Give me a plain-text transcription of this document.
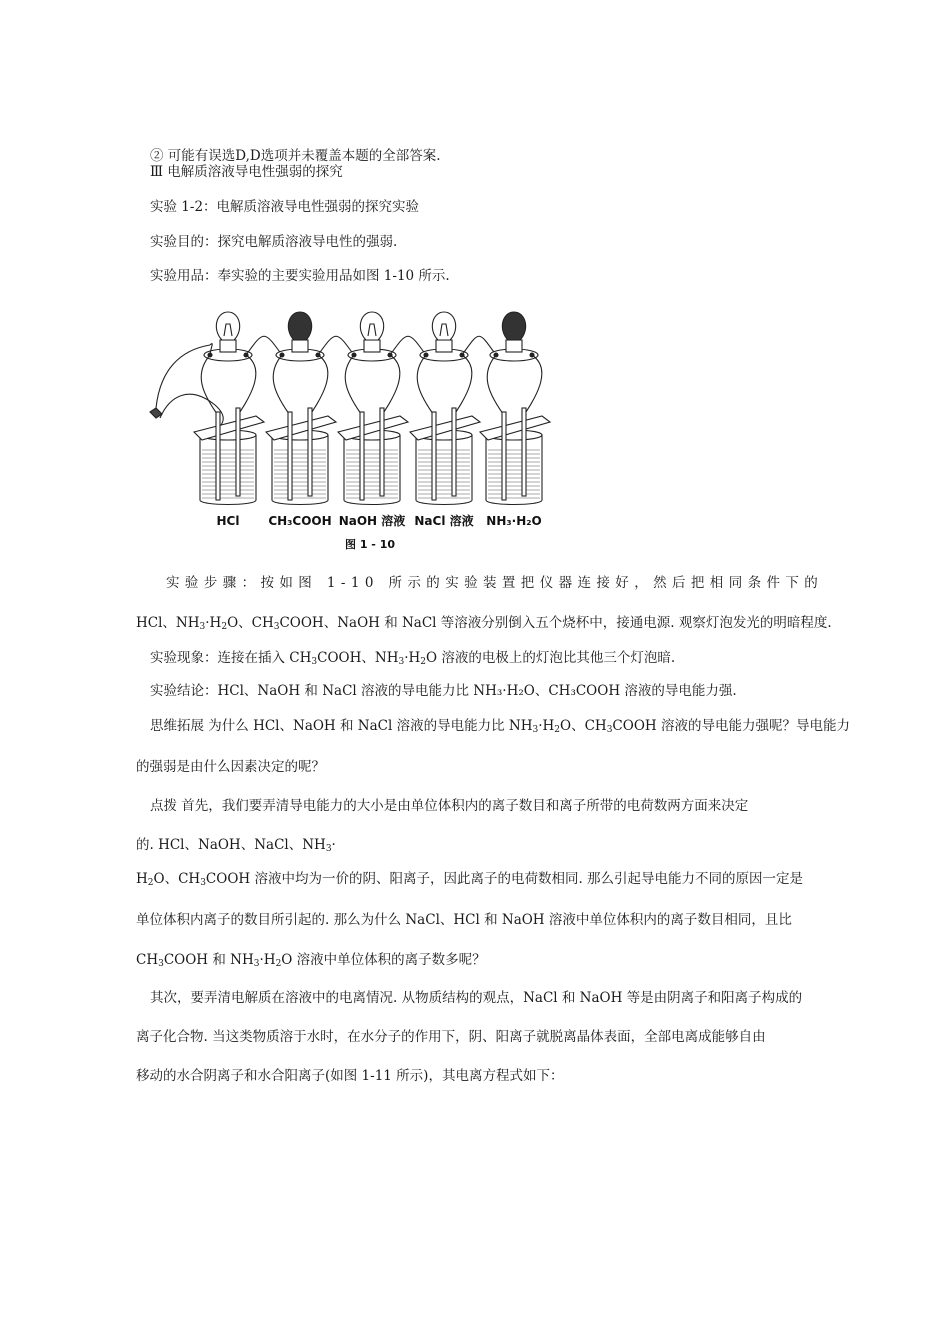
② 可能有误选D,D选项并未覆盖本题的全部答案.
Ⅲ 电解质溶液导电性强弱的探究
实验 1-2：电解质溶液导电性强弱的探究实验
实验目的：探究电解质溶液导电性的强弱.
实验用品：奉实验的主要实验用品如图 1-10 所示.
HCl CH₃COOH NaOH 溶液 NaCl 溶液 NH₃·H₂O
图 1 - 10
实验步骤：按如图 1-10 所示的实验装置把仪器连接好，然后把相同条件下的
HCl、$NH_3\cdot H_2O$、$CH_3COOH$、NaOH 和 NaCl 等溶液分别倒入五个烧杯中，接通电源. 观察灯泡发光的明暗程度.
实验现象：连接在插入 $CH_3COOH$、$NH_3\cdot H_2O$ 溶液的电极上的灯泡比其他三个灯泡暗.
实验结论：HCl、NaOH 和 NaCl 溶液的导电能力比 NH₃·H₂O、CH₃COOH 溶液的导电能力强.
思维拓展 为什么 HCl、NaOH 和 NaCl 溶液的导电能力比 $NH_3\cdot H_2O$、$CH_3COOH$ 溶液的导电能力强呢？导电能力
的强弱是由什么因素决定的呢？
点拨 首先，我们要弄清导电能力的大小是由单位体积内的离子数目和离子所带的电荷数两方面来决定
的. HCl、NaOH、NaCl、$NH_3\cdot$
$H_2O$、$CH_3COOH$ 溶液中均为一价的阴、阳离子，因此离子的电荷数相同. 那么引起导电能力不同的原因一定是
单位体积内离子的数目所引起的. 那么为什么 NaCl、HCl 和 NaOH 溶液中单位体积内的离子数目相同，且比
$CH_3COOH$ 和 $NH_3\cdot H_2O$ 溶液中单位体积的离子数多呢？
其次，要弄清电解质在溶液中的电离情况. 从物质结构的观点，NaCl 和 NaOH 等是由阴离子和阳离子构成的
离子化合物. 当这类物质溶于水时，在水分子的作用下，阴、阳离子就脱离晶体表面，全部电离成能够自由
移动的水合阴离子和水合阳离子(如图 1-11 所示)，其电离方程式如下：
